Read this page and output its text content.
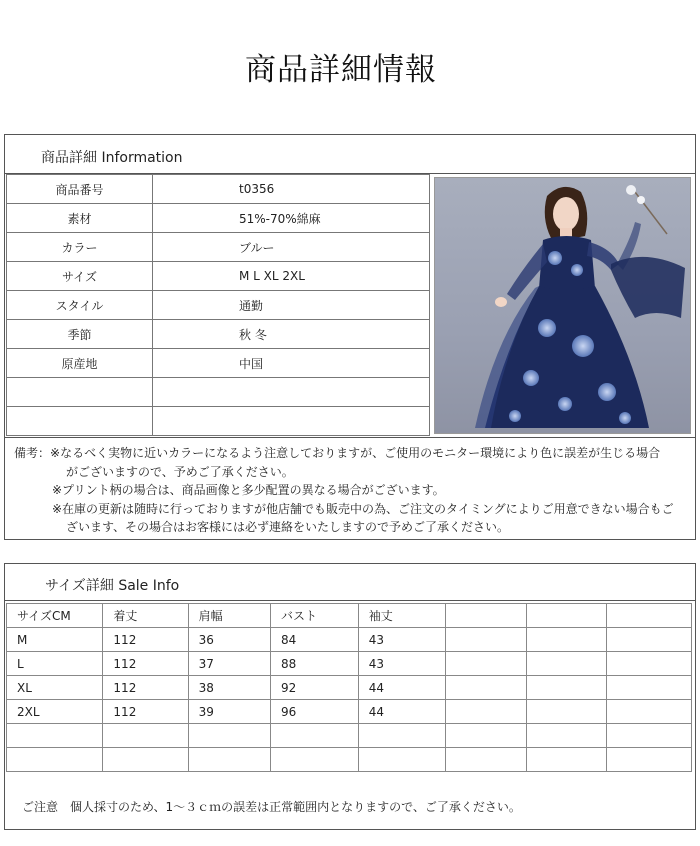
商品詳細情報
商品詳細 Information
商品番号	t0356
素材	51%-70%綿麻
カラー	ブルー
サイズ	M L XL 2XL
スタイル	通勤
季節	秋 冬
原産地	中国

備考：※なるべく実物に近いカラーになるよう注意しておりますが、ご使用のモニター環境により色に誤差が生じる場合
がございますので、予めご了承ください。
※プリント柄の場合は、商品画像と多少配置の異なる場合がございます。
※在庫の更新は随時に行っておりますが他店舗でも販売中の為、ご注文のタイミングによりご用意できない場合もご
ざいます、その場合はお客様には必ず連絡をいたしますので予めご了承ください。
サイズ詳細 Sale Info
サイズCM	着丈	肩幅	バスト	袖丈			
M	112	36	84	43			
L	112	37	88	43			
XL	112	38	92	44			
2XL	112	39	96	44			

ご注意　個人採寸のため、1～３ｃｍの誤差は正常範囲内となりますので、ご了承ください。
